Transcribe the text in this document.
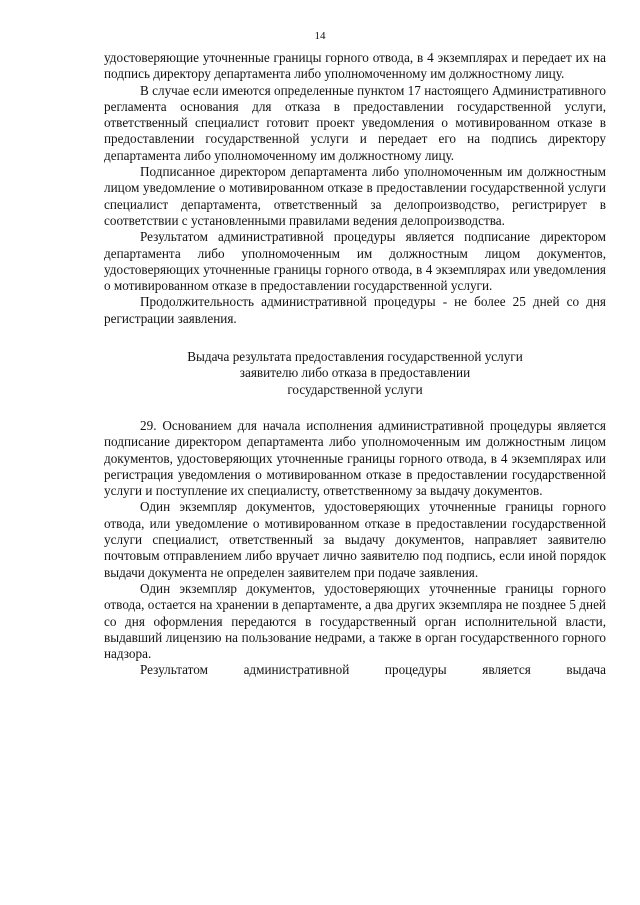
14

удостоверяющие уточненные границы горного отвода, в 4 экземплярах и передает их на подпись директору департамента либо уполномоченному им должностному лицу.

В случае если имеются определенные пунктом 17 настоящего Административного регламента основания для отказа в предоставлении государственной услуги, ответственный специалист готовит проект уведомления о мотивированном отказе в предоставлении государственной услуги и передает его на подпись директору департамента либо уполномоченному им должностному лицу.

Подписанное директором департамента либо уполномоченным им должностным лицом уведомление о мотивированном отказе в предоставлении государственной услуги специалист департамента, ответственный за делопроизводство, регистрирует в соответствии с установленными правилами ведения делопроизводства.

Результатом административной процедуры является подписание директором департамента либо уполномоченным им должностным лицом документов, удостоверяющих уточненные границы горного отвода, в 4 экземплярах или уведомления о мотивированном отказе в предоставлении государственной услуги.

Продолжительность административной процедуры - не более 25 дней со дня регистрации заявления.

Выдача результата предоставления государственной услуги
заявителю либо отказа в предоставлении
государственной услуги

29. Основанием для начала исполнения административной процедуры является подписание директором департамента либо уполномоченным им должностным лицом документов, удостоверяющих уточненные границы горного отвода, в 4 экземплярах или регистрация уведомления о мотивированном отказе в предоставлении государственной услуги и поступление их специалисту, ответственному за выдачу документов.

Один экземпляр документов, удостоверяющих уточненные границы горного отвода, или уведомление о мотивированном отказе в предоставлении государственной услуги специалист, ответственный за выдачу документов, направляет заявителю почтовым отправлением либо вручает лично заявителю под подпись, если иной порядок выдачи документа не определен заявителем при подаче заявления.

Один экземпляр документов, удостоверяющих уточненные границы горного отвода, остается на хранении в департаменте, а два других экземпляра не позднее 5 дней со дня оформления передаются в государственный орган исполнительной власти, выдавший лицензию на пользование недрами, а также в орган государственного горного надзора.

Результатом	административной	процедуры	является	выдача
